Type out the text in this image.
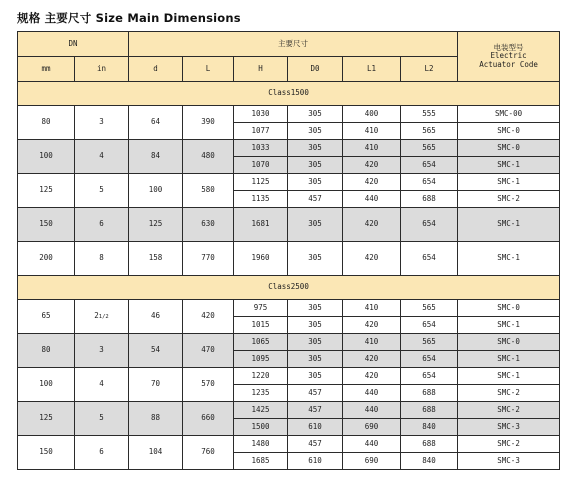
规格 主要尺寸 Size Main Dimensions
DN		主要尺寸						电装型号
Electric
Actuator Code

mm	in	d	L	H	D0	L1	L2	
Class1500								
80	3	64	390	1030	305	400	555	SMC-00
				1077	305	410	565	SMC-0
100	4	84	480	1033	305	410	565	SMC-0
				1070	305	420	654	SMC-1
125	5	100	580	1125	305	420	654	SMC-1
				1135	457	440	688	SMC-2
150	6	125	630	1681	305	420	654	SMC-1
200	8	158	770	1960	305	420	654	SMC-1
Class2500								
65	21/2	46	420	975	305	410	565	SMC-0
				1015	305	420	654	SMC-1
80	3	54	470	1065	305	410	565	SMC-0
				1095	305	420	654	SMC-1
100	4	70	570	1220	305	420	654	SMC-1
				1235	457	440	688	SMC-2
125	5	88	660	1425	457	440	688	SMC-2
				1500	610	690	840	SMC-3
150	6	104	760	1480	457	440	688	SMC-2
				1685	610	690	840	SMC-3
